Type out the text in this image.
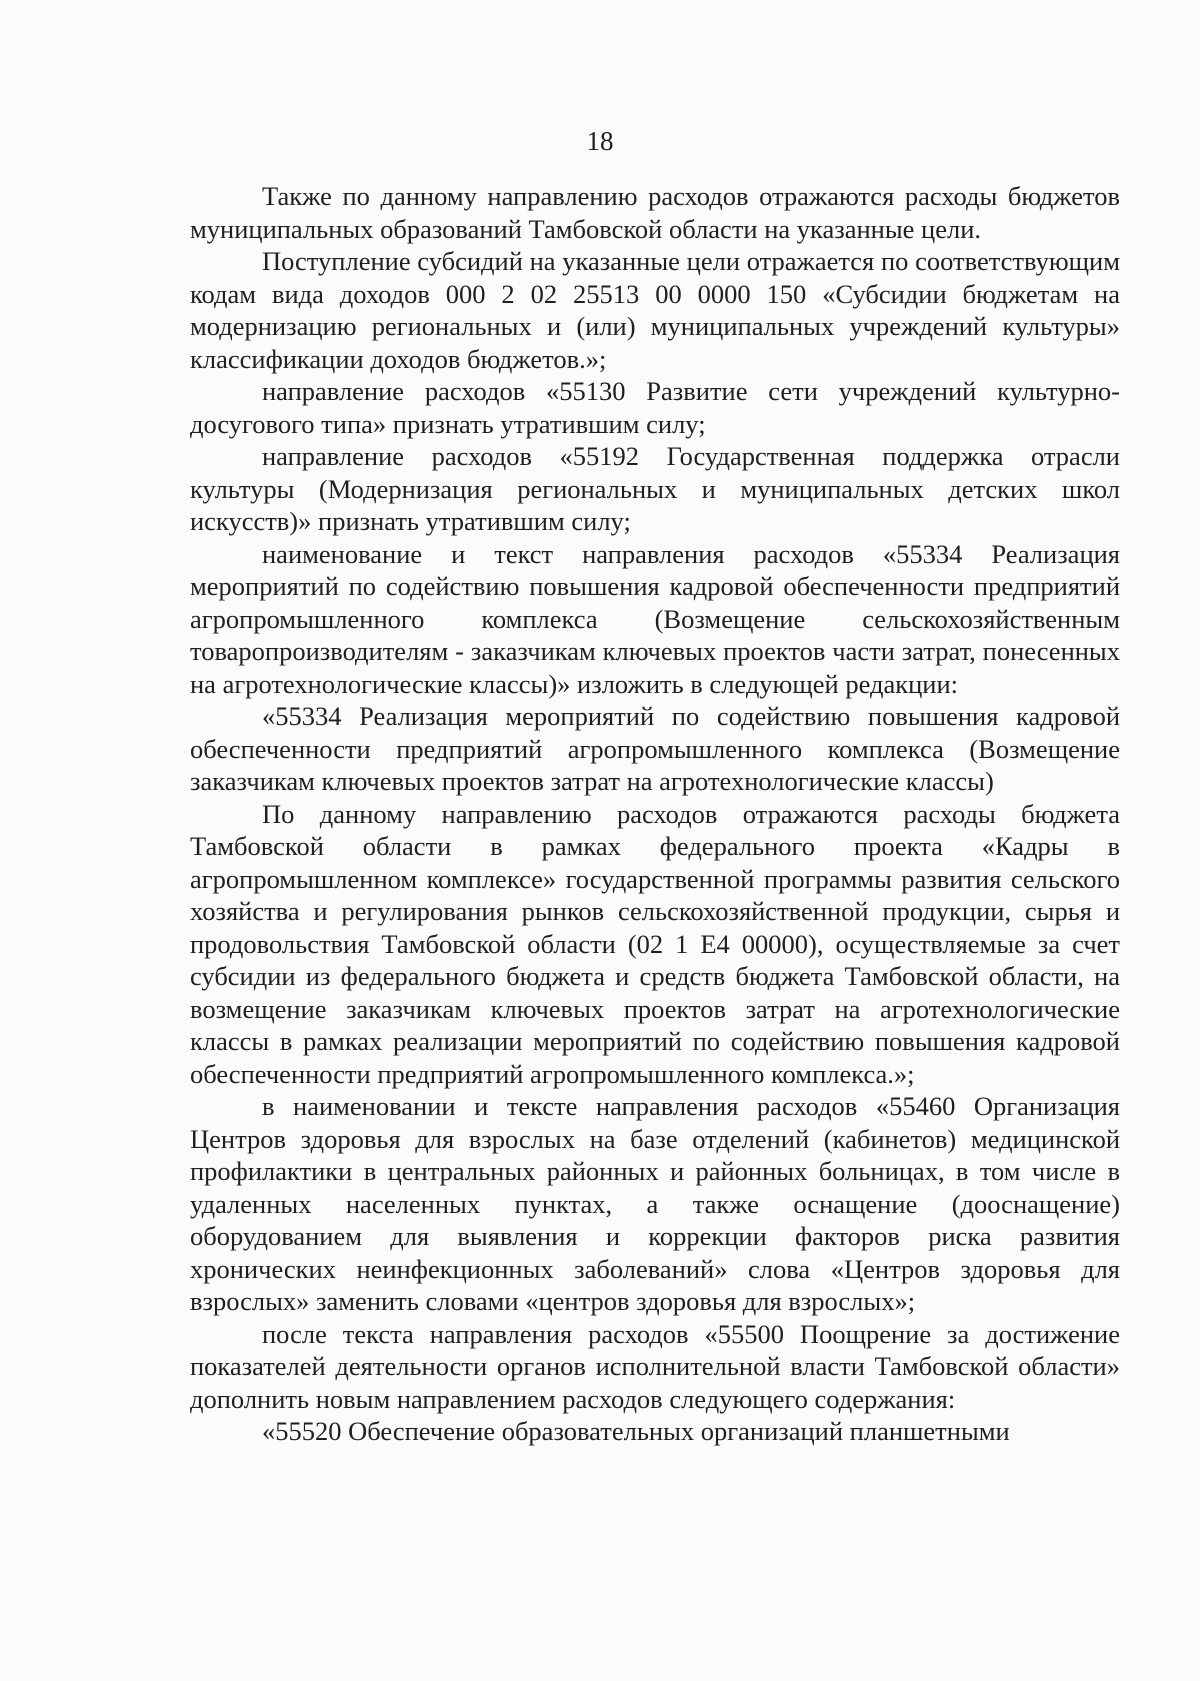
18

Также по данному направлению расходов отражаются расходы бюджетов муниципальных образований Тамбовской области на указанные цели.

Поступление субсидий на указанные цели отражается по соответствующим кодам вида доходов 000 2 02 25513 00 0000 150 «Субсидии бюджетам на модернизацию региональных и (или) муниципальных учреждений культуры» классификации доходов бюджетов.»;

направление расходов «55130 Развитие сети учреждений культурно-досугового типа» признать утратившим силу;

направление расходов «55192 Государственная поддержка отрасли культуры (Модернизация региональных и муниципальных детских школ искусств)» признать утратившим силу;

наименование и текст направления расходов «55334 Реализация мероприятий по содействию повышения кадровой обеспеченности предприятий агропромышленного комплекса (Возмещение сельскохозяйственным товаропроизводителям - заказчикам ключевых проектов части затрат, понесенных на агротехнологические классы)» изложить в следующей редакции:

«55334 Реализация мероприятий по содействию повышения кадровой обеспеченности предприятий агропромышленного комплекса (Возмещение заказчикам ключевых проектов затрат на агротехнологические классы)

По данному направлению расходов отражаются расходы бюджета Тамбовской области в рамках федерального проекта «Кадры в агропромышленном комплексе» государственной программы развития сельского хозяйства и регулирования рынков сельскохозяйственной продукции, сырья и продовольствия Тамбовской области (02 1 Е4 00000), осуществляемые за счет субсидии из федерального бюджета и средств бюджета Тамбовской области, на возмещение заказчикам ключевых проектов затрат на агротехнологические классы в рамках реализации мероприятий по содействию повышения кадровой обеспеченности предприятий агропромышленного комплекса.»;

в наименовании и тексте направления расходов «55460 Организация Центров здоровья для взрослых на базе отделений (кабинетов) медицинской профилактики в центральных районных и районных больницах, в том числе в удаленных населенных пунктах, а также оснащение (дооснащение) оборудованием для выявления и коррекции факторов риска развития хронических неинфекционных заболеваний» слова «Центров здоровья для взрослых» заменить словами «центров здоровья для взрослых»;

после текста направления расходов «55500 Поощрение за достижение показателей деятельности органов исполнительной власти Тамбовской области» дополнить новым направлением расходов следующего содержания:

«55520 Обеспечение образовательных организаций планшетными
